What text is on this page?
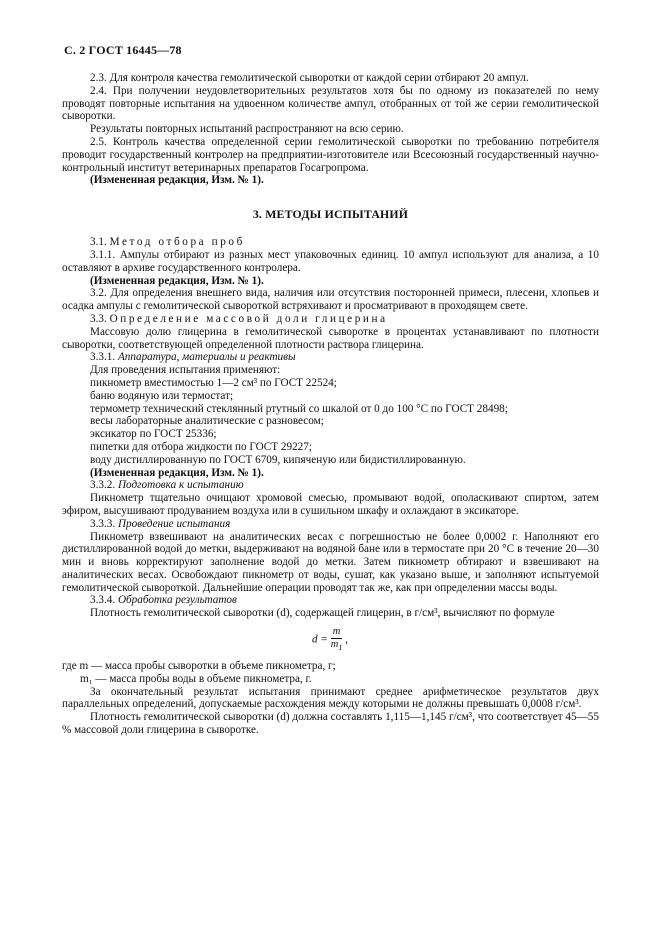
С. 2 ГОСТ 16445—78

2.3. Для контроля качества гемолитической сыворотки от каждой серии отбирают 20 ампул.

2.4. При получении неудовлетворительных результатов хотя бы по одному из показателей по нему проводят повторные испытания на удвоенном количестве ампул, отобранных от той же серии гемолитической сыворотки.

Результаты повторных испытаний распространяют на всю серию.

2.5. Контроль качества определенной серии гемолитической сыворотки по требованию потребителя проводит государственный контролер на предприятии-изготовителе или Всесоюзный государственный научно-контрольный институт ветеринарных препаратов Госагропрома.

(Измененная редакция, Изм. № 1).

3. МЕТОДЫ ИСПЫТАНИЙ

3.1. Метод отбора проб

3.1.1. Ампулы отбирают из разных мест упаковочных единиц. 10 ампул используют для анализа, а 10 оставляют в архиве государственного контролера.

(Измененная редакция, Изм. № 1).

3.2. Для определения внешнего вида, наличия или отсутствия посторонней примеси, плесени, хлопьев и осадка ампулы с гемолитической сывороткой встряхивают и просматривают в проходящем свете.

3.3. Определение массовой доли глицерина

Массовую долю глицерина в гемолитической сыворотке в процентах устанавливают по плотности сыворотки, соответствующей определенной плотности раствора глицерина.

3.3.1. Аппаратура, материалы и реактивы

Для проведения испытания применяют:

пикнометр вместимостью 1—2 см³ по ГОСТ 22524;

баню водяную или термостат;

термометр технический стеклянный ртутный со шкалой от 0 до 100 °С по ГОСТ 28498;

весы лабораторные аналитические с разновесом;

эксикатор по ГОСТ 25336;

пипетки для отбора жидкости по ГОСТ 29227;

воду дистиллированную по ГОСТ 6709, кипяченую или бидистиллированную.

(Измененная редакция, Изм. № 1).

3.3.2. Подготовка к испытанию

Пикнометр тщательно очищают хромовой смесью, промывают водой, ополаскивают спиртом, затем эфиром, высушивают продуванием воздуха или в сушильном шкафу и охлаждают в эксикаторе.

3.3.3. Проведение испытания

Пикнометр взвешивают на аналитических весах с погрешностью не более 0,0002 г. Наполняют его дистиллированной водой до метки, выдерживают на водяной бане или в термостате при 20 °С в течение 20—30 мин и вновь корректируют заполнение водой до метки. Затем пикнометр обтирают и взвешивают на аналитических весах. Освобождают пикнометр от воды, сушат, как указано выше, и заполняют испытуемой гемолитической сывороткой. Дальнейшие операции проводят так же, как при определении массы воды.

3.3.4. Обработка результатов

Плотность гемолитической сыворотки (d), содержащей глицерин, в г/см³, вычисляют по формуле

$d = \frac{m}{m_1}$ ,

где m — масса пробы сыворотки в объеме пикнометра, г;

m₁ — масса пробы воды в объеме пикнометра, г.

За окончательный результат испытания принимают среднее арифметическое результатов двух параллельных определений, допускаемые расхождения между которыми не должны превышать 0,0008 г/см³.

Плотность гемолитической сыворотки (d) должна составлять 1,115—1,145 г/см³, что соответствует 45—55 % массовой доли глицерина в сыворотке.
